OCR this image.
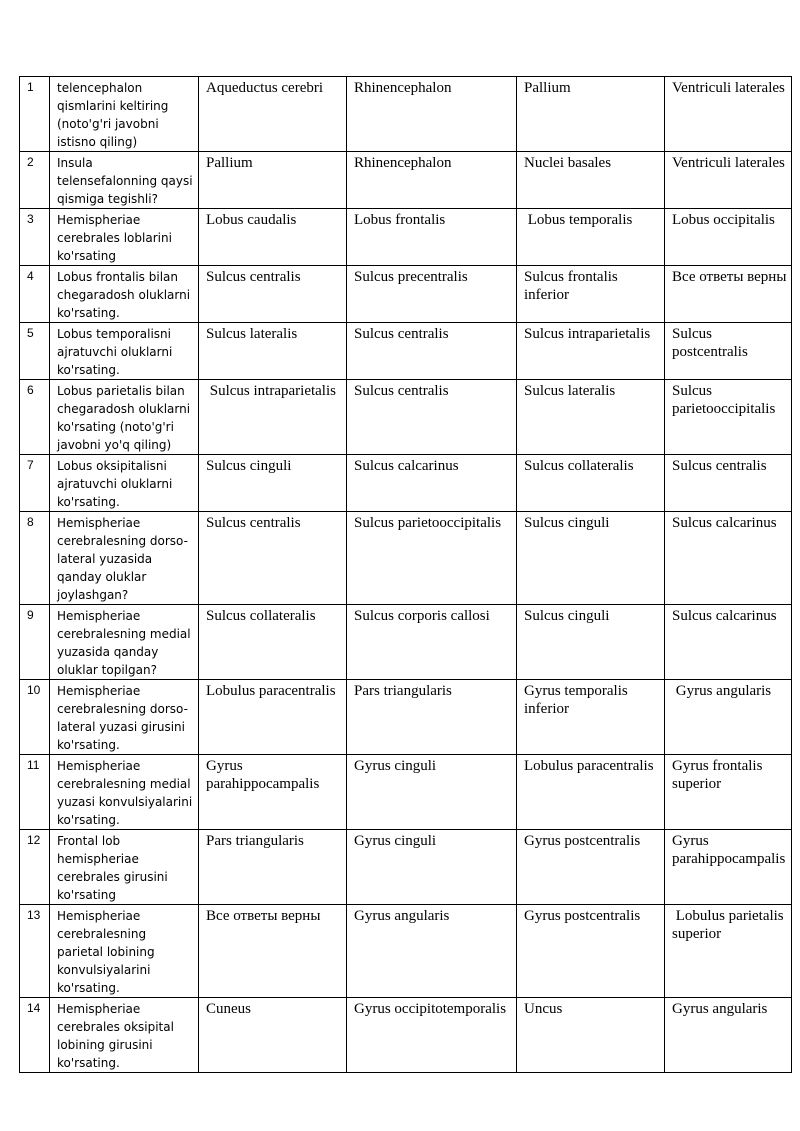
1	telencephalon qismlarini keltiring (noto'g'ri javobni istisno qiling)	Aqueductus cerebri	Rhinencephalon	Pallium	Ventriculi laterales
2	Insula telensefalonning qaysi qismiga tegishli?	Pallium	Rhinencephalon	Nuclei basales	Ventriculi laterales
3	Hemispheriae cerebrales loblarini ko'rsating	Lobus caudalis	Lobus frontalis	Lobus temporalis	Lobus occipitalis
4	Lobus frontalis bilan chegaradosh oluklarni ko'rsating.	Sulcus centralis	Sulcus precentralis	Sulcus frontalis inferior	Все ответы верны
5	Lobus temporalisni ajratuvchi oluklarni ko'rsating.	Sulcus lateralis	Sulcus centralis	Sulcus intraparietalis	Sulcus postcentralis
6	Lobus parietalis bilan chegaradosh oluklarni ko'rsating (noto'g'ri javobni yo'q qiling)	Sulcus intraparietalis	Sulcus centralis	Sulcus lateralis	Sulcus parietooccipitalis
7	Lobus oksipitalisni ajratuvchi oluklarni ko'rsating.	Sulcus cinguli	Sulcus calcarinus	Sulcus collateralis	Sulcus centralis
8	Hemispheriae cerebralesning dorso-lateral yuzasida qanday oluklar joylashgan?	Sulcus centralis	Sulcus parietooccipitalis	Sulcus cinguli	Sulcus calcarinus
9	Hemispheriae cerebralesning medial yuzasida qanday oluklar topilgan?	Sulcus collateralis	Sulcus corporis callosi	Sulcus cinguli	Sulcus calcarinus
10	Hemispheriae cerebralesning dorso-lateral yuzasi girusini ko'rsating.	Lobulus paracentralis	Pars triangularis	Gyrus temporalis inferior	Gyrus angularis
11	Hemispheriae cerebralesning medial yuzasi konvulsiyalarini ko'rsating.	Gyrus parahippocampalis	Gyrus cinguli	Lobulus paracentralis	Gyrus frontalis superior
12	Frontal lob hemispheriae cerebrales girusini ko'rsating	Pars triangularis	Gyrus cinguli	Gyrus postcentralis	Gyrus parahippocampalis
13	Hemispheriae cerebralesning parietal lobining konvulsiyalarini ko'rsating.	Все ответы верны	Gyrus angularis	Gyrus postcentralis	Lobulus parietalis superior
14	Hemispheriae cerebrales oksipital lobining girusini ko'rsating.	Cuneus	Gyrus occipitotemporalis	Uncus	Gyrus angularis
